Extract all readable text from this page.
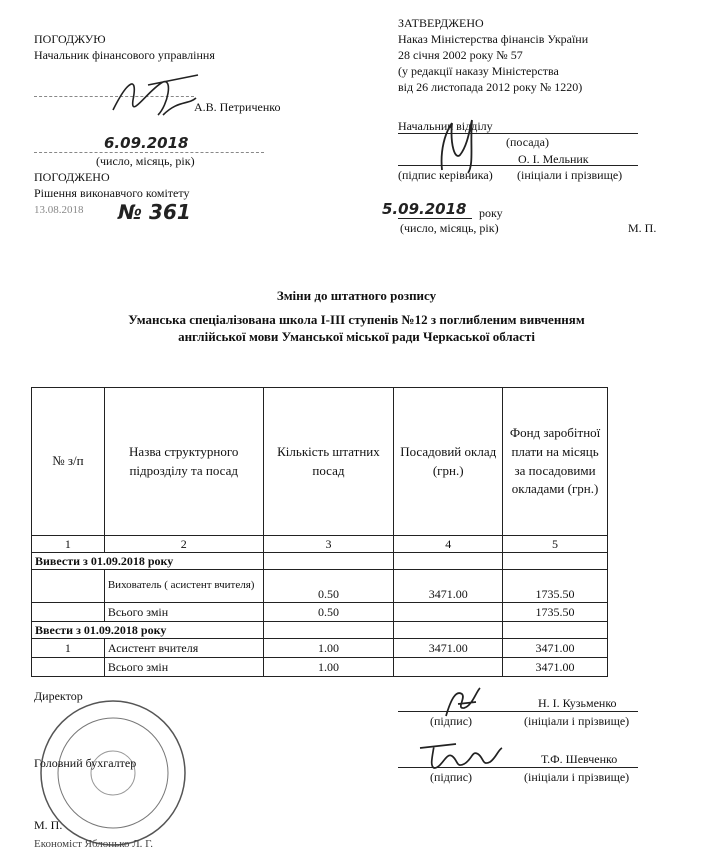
ПОГОДЖУЮ
Начальник фінансового управління
А.В. Петриченко
6.09.2018
(число, місяць, рік)
ПОГОДЖЕНО
Рішення виконавчого комітету
13.08.2018 № 361
ЗАТВЕРДЖЕНО
Наказ Міністерства фінансів України
28 січня 2002 року № 57
(у редакції наказу Міністерства
від 26 листопада 2012 року № 1220)
Начальник відділу
(посада)
О. І. Мельник
(підпис керівника) (ініціали і прізвище)
5.09.2018 року
(число, місяць, рік)	М. П.
Зміни до штатного розпису
Уманська спеціалізована школа І-ІІІ ступенів №12 з поглибленим вивченням
англійської мови Уманської міської ради Черкаської області
№ з/п	Назва структурного підрозділу та посад	Кількість штатних посад	Посадовий оклад (грн.)	Фонд заробітної плати на місяць за посадовими окладами (грн.)
1	2	3	4	5
Вивести з 01.09.2018 року				
	Вихователь ( асистент вчителя)	0.50	3471.00	1735.50
	Всього змін	0.50		1735.50
Ввести з 01.09.2018 року				
1	Асистент вчителя	1.00	3471.00	3471.00
	Всього змін	1.00		3471.00
Директор	Н. І. Кузьменко
(підпис)	(ініціали і прізвище)
Головний бухгалтер	Т.Ф. Шевченко
(підпис)	(ініціали і прізвище)
М. П.
Економіст Яблонько Л. Г.
